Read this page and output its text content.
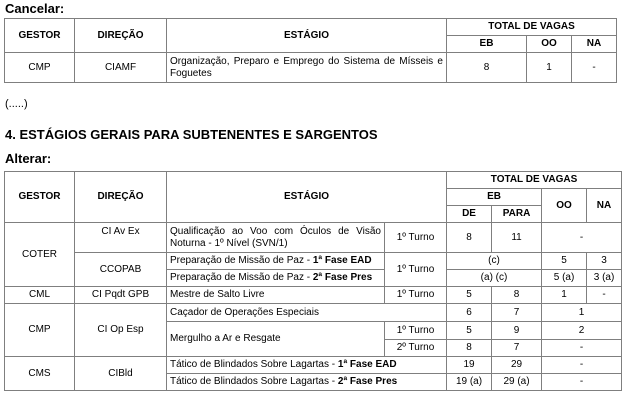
Cancelar:
GESTOR	DIREÇÃO	ESTÁGIO	TOTAL DE VAGAS		
			EB	OO	NA
CMP	CIAMF	Organização, Preparo e Emprego do Sistema de Mísseis e Foguetes	8	1	-
(.....)
4. ESTÁGIOS GERAIS PARA SUBTENENTES E SARGENTOS
Alterar:
GESTOR	DIREÇÃO	ESTÁGIO		TOTAL DE VAGAS			
				EB		OO	NA
				DE	PARA		
COTER	CI Av Ex	Qualificação ao Voo com Óculos de Visão Noturna - 1º Nível (SVN/1)	1º Turno	8	11	-	
	CCOPAB	Preparação de Missão de Paz - 1ª Fase EAD	1º Turno	(c)		5	3
		Preparação de Missão de Paz - 2ª Fase Pres		(a) (c)		5 (a)	3 (a)
CML	CI Pqdt GPB	Mestre de Salto Livre	1º Turno	5	8	1	-
CMP	CI Op Esp	Caçador de Operações Especiais		6	7	1	
		Mergulho a Ar e Resgate	1º Turno	5	9	2	
			2º Turno	8	7	-	
CMS	CIBld	Tático de Blindados Sobre Lagartas - 1ª Fase EAD		19	29	-	
		Tático de Blindados Sobre Lagartas - 2ª Fase Pres		19 (a)	29 (a)	-	
